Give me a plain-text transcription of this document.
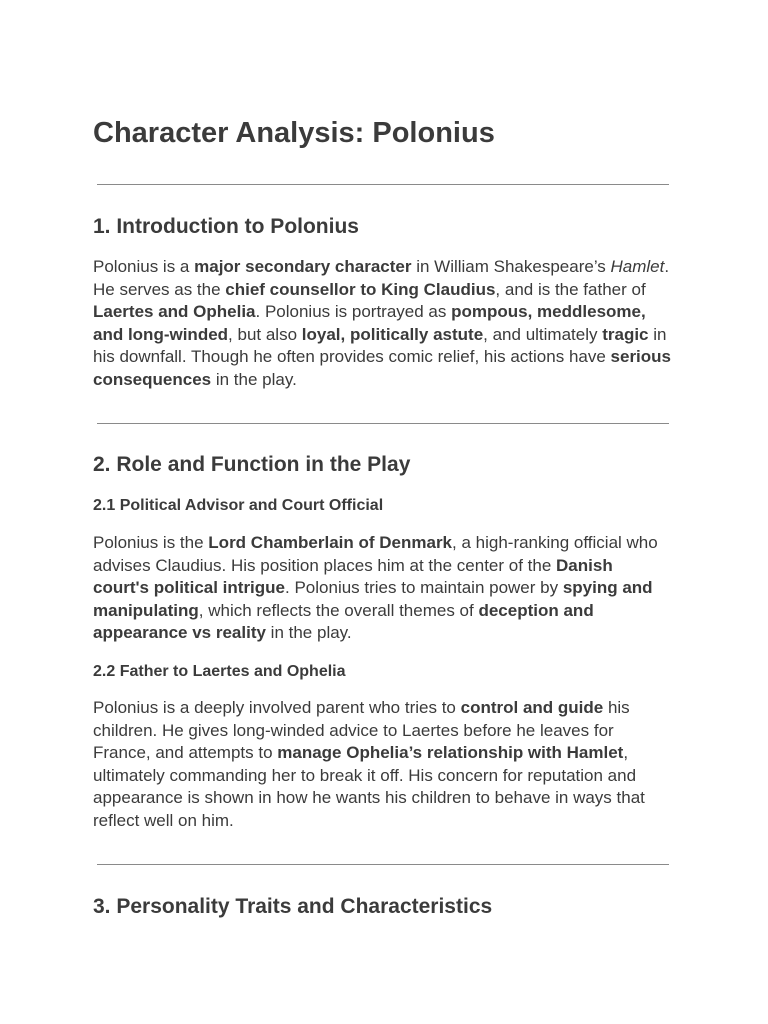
Character Analysis: Polonius
1. Introduction to Polonius

Polonius is a major secondary character in William Shakespeare’s Hamlet. He serves as the chief counsellor to King Claudius, and is the father of Laertes and Ophelia. Polonius is portrayed as pompous, meddlesome, and long-winded, but also loyal, politically astute, and ultimately tragic in his downfall. Though he often provides comic relief, his actions have serious consequences in the play.

2. Role and Function in the Play
2.1 Political Advisor and Court Official

Polonius is the Lord Chamberlain of Denmark, a high-ranking official who advises Claudius. His position places him at the center of the Danish court's political intrigue. Polonius tries to maintain power by spying and manipulating, which reflects the overall themes of deception and appearance vs reality in the play.

2.2 Father to Laertes and Ophelia

Polonius is a deeply involved parent who tries to control and guide his children. He gives long-winded advice to Laertes before he leaves for France, and attempts to manage Ophelia’s relationship with Hamlet, ultimately commanding her to break it off. His concern for reputation and appearance is shown in how he wants his children to behave in ways that reflect well on him.

3. Personality Traits and Characteristics
